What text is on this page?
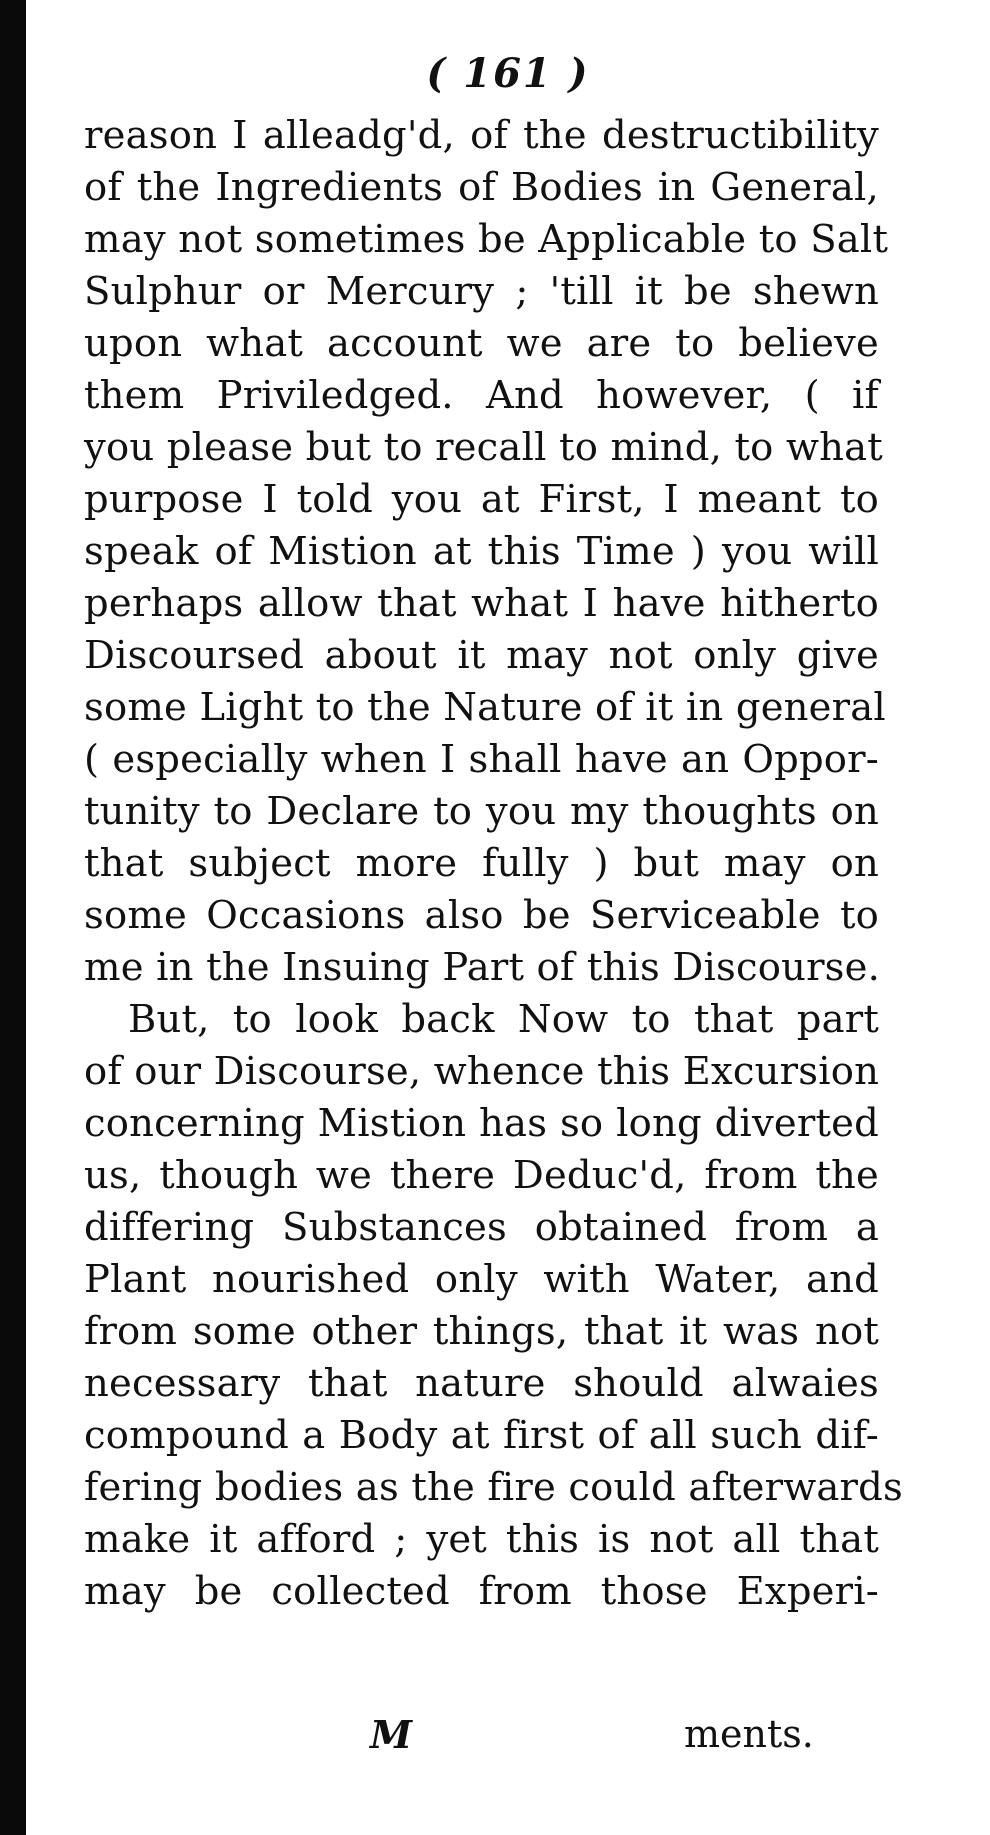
( 161 )
reason I alleadg'd, of the destructibility
of the Ingredients of Bodies in General,
may not sometimes be Applicable to Salt
Sulphur or Mercury ; 'till it be shewn
upon what account we are to believe
them Priviledged. And however, ( if
you please but to recall to mind, to what
purpose I told you at First, I meant to
speak of Mistion at this Time ) you will
perhaps allow that what I have hitherto
Discoursed about it may not only give
some Light to the Nature of it in general
( especially when I shall have an Oppor-
tunity to Declare to you my thoughts on
that subject more fully ) but may on
some Occasions also be Serviceable to
me in the Insuing Part of this Discourse.
But, to look back Now to that part
of our Discourse, whence this Excursion
concerning Mistion has so long diverted
us, though we there Deduc'd, from the
differing Substances obtained from a
Plant nourished only with Water, and
from some other things, that it was not
necessary that nature should alwaies
compound a Body at first of all such dif-
fering bodies as the fire could afterwards
make it afford ; yet this is not all that
may be collected from those Experi-
M	ments.
